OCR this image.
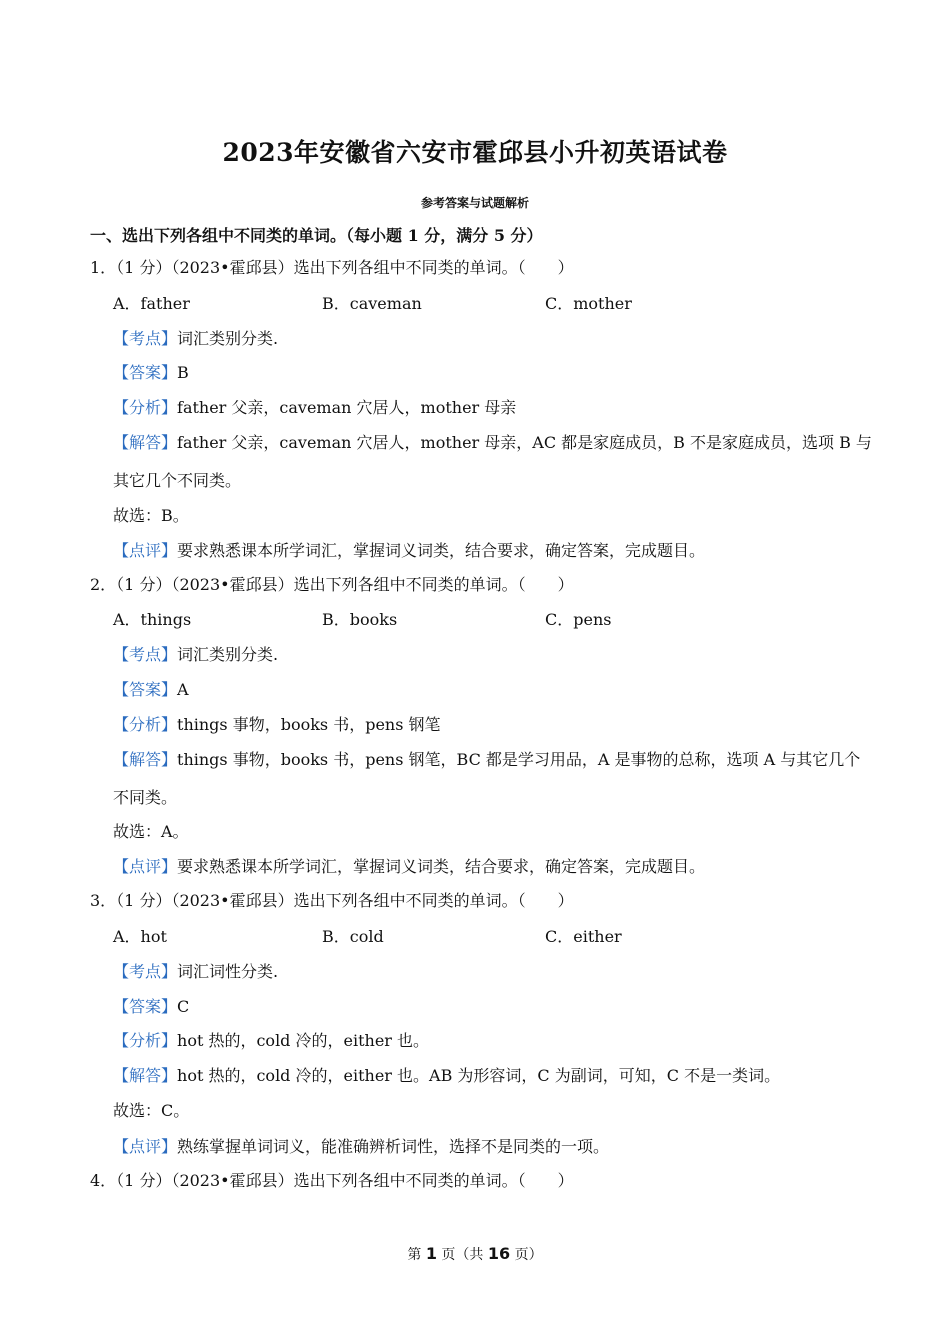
2023年安徽省六安市霍邱县小升初英语试卷
参考答案与试题解析
一、选出下列各组中不同类的单词。（每小题 1 分，满分 5 分）
1．（1 分）（2023•霍邱县）选出下列各组中不同类的单词。（　　）
A．father	B．caveman	C．mother
【考点】词汇类别分类.
【答案】B
【分析】father 父亲，caveman 穴居人，mother 母亲
【解答】father 父亲，caveman 穴居人，mother 母亲，AC 都是家庭成员，B 不是家庭成员，选项 B 与
其它几个不同类。
故选：B。
【点评】要求熟悉课本所学词汇，掌握词义词类，结合要求，确定答案，完成题目。
2．（1 分）（2023•霍邱县）选出下列各组中不同类的单词。（　　）
A．things	B．books	C．pens
【考点】词汇类别分类.
【答案】A
【分析】things 事物，books 书，pens 钢笔
【解答】things 事物，books 书，pens 钢笔，BC 都是学习用品，A 是事物的总称，选项 A 与其它几个
不同类。
故选：A。
【点评】要求熟悉课本所学词汇，掌握词义词类，结合要求，确定答案，完成题目。
3．（1 分）（2023•霍邱县）选出下列各组中不同类的单词。（　　）
A．hot	B．cold	C．either
【考点】词汇词性分类.
【答案】C
【分析】hot 热的，cold 冷的，either 也。
【解答】hot 热的，cold 冷的，either 也。AB 为形容词，C 为副词，可知，C 不是一类词。
故选：C。
【点评】熟练掌握单词词义，能准确辨析词性，选择不是同类的一项。
4．（1 分）（2023•霍邱县）选出下列各组中不同类的单词。（　　）
第 1 页（共 16 页）
